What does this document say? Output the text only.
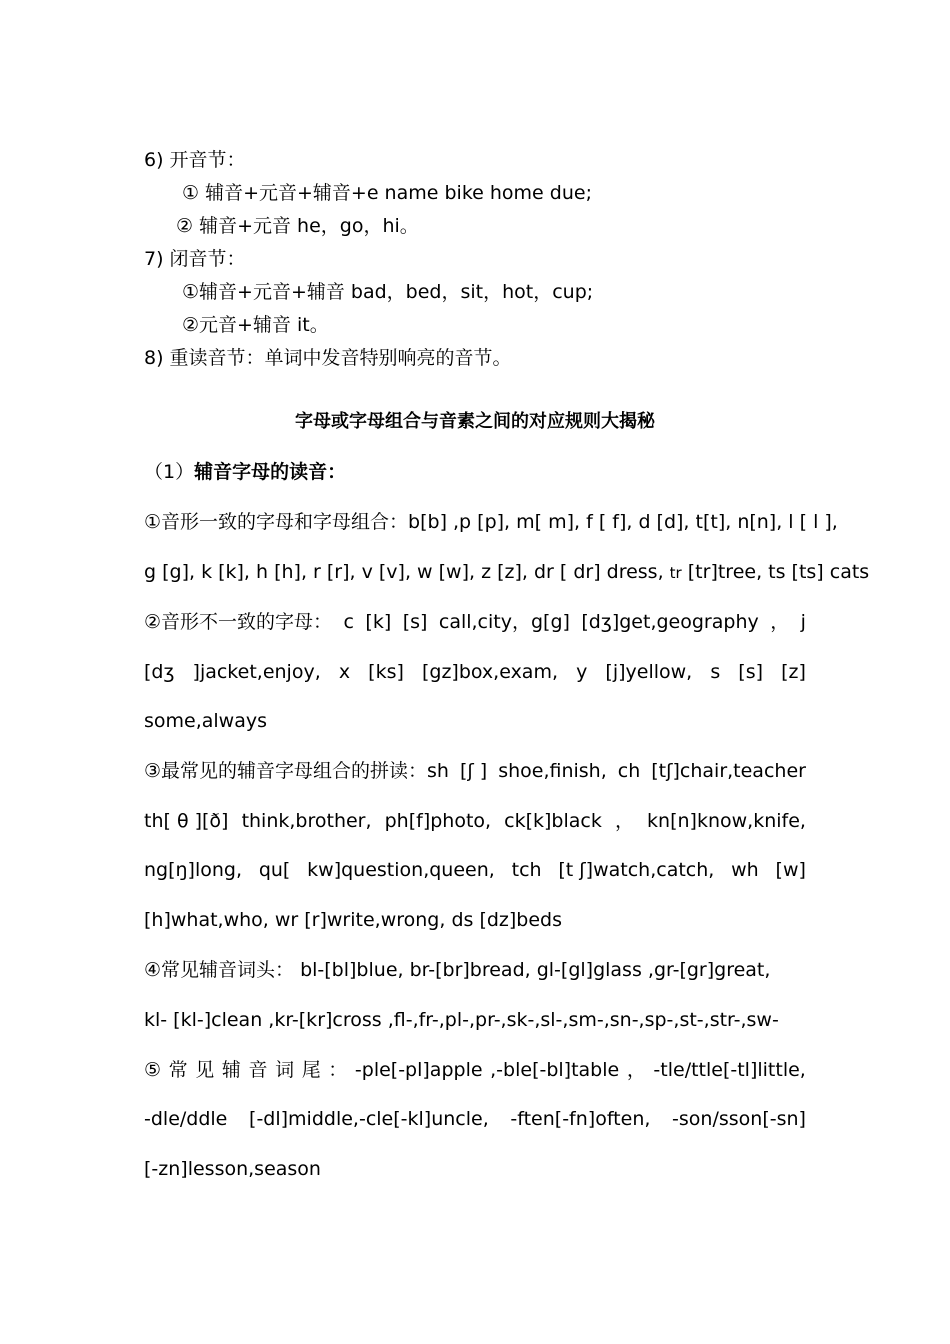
6) 开音节：
① 辅音+元音+辅音+e name bike home due;
② 辅音+元音 he，go，hi。
7) 闭音节：
①辅音+元音+辅音 bad，bed，sit，hot，cup;
②元音+辅音 it。
8) 重读音节：单词中发音特别响亮的音节。
字母或字母组合与音素之间的对应规则大揭秘
（1）辅音字母的读音：
①音形一致的字母和字母组合：b[b] ,p [p], m[ m], f [ f], d [d], t[t], n[n], l [ l ],
g [g], k [k], h [h], r [r], v [v], w [w], z [z], dr [ dr] dress, tr [tr]tree, ts [ts] cats
②音形不一致的字母： c [k] [s] call,city，g[g] [dʒ]get,geography ， j
[dʒ ]jacket,enjoy, x [ks] [gz]box,exam, y [j]yellow, s [s] [z]
some,always
③最常见的辅音字母组合的拼读：sh [ʃ ] shoe,finish, ch [tʃ]chair,teacher
th[ θ ][ð] think,brother, ph[f]photo, ck[k]black ， kn[n]know,knife,
ng[ŋ]long, qu[ kw]question,queen, tch [t ʃ]watch,catch, wh [w]
[h]what,who, wr [r]write,wrong, ds [dz]beds
④常见辅音词头： bl-[bl]blue, br-[br]bread, gl-[gl]glass ,gr-[gr]great,
kl- [kl-]clean ,kr-[kr]cross ,fl-,fr-,pl-,pr-,sk-,sl-,sm-,sn-,sp-,st-,str-,sw-
⑤ 常 见 辅 音 词 尾 ： -ple[-pl]apple ,-ble[-bl]table ， -tle/ttle[-tl]little,
-dle/ddle [-dl]middle,-cle[-kl]uncle, -ften[-fn]often, -son/sson[-sn]
[-zn]lesson,season
